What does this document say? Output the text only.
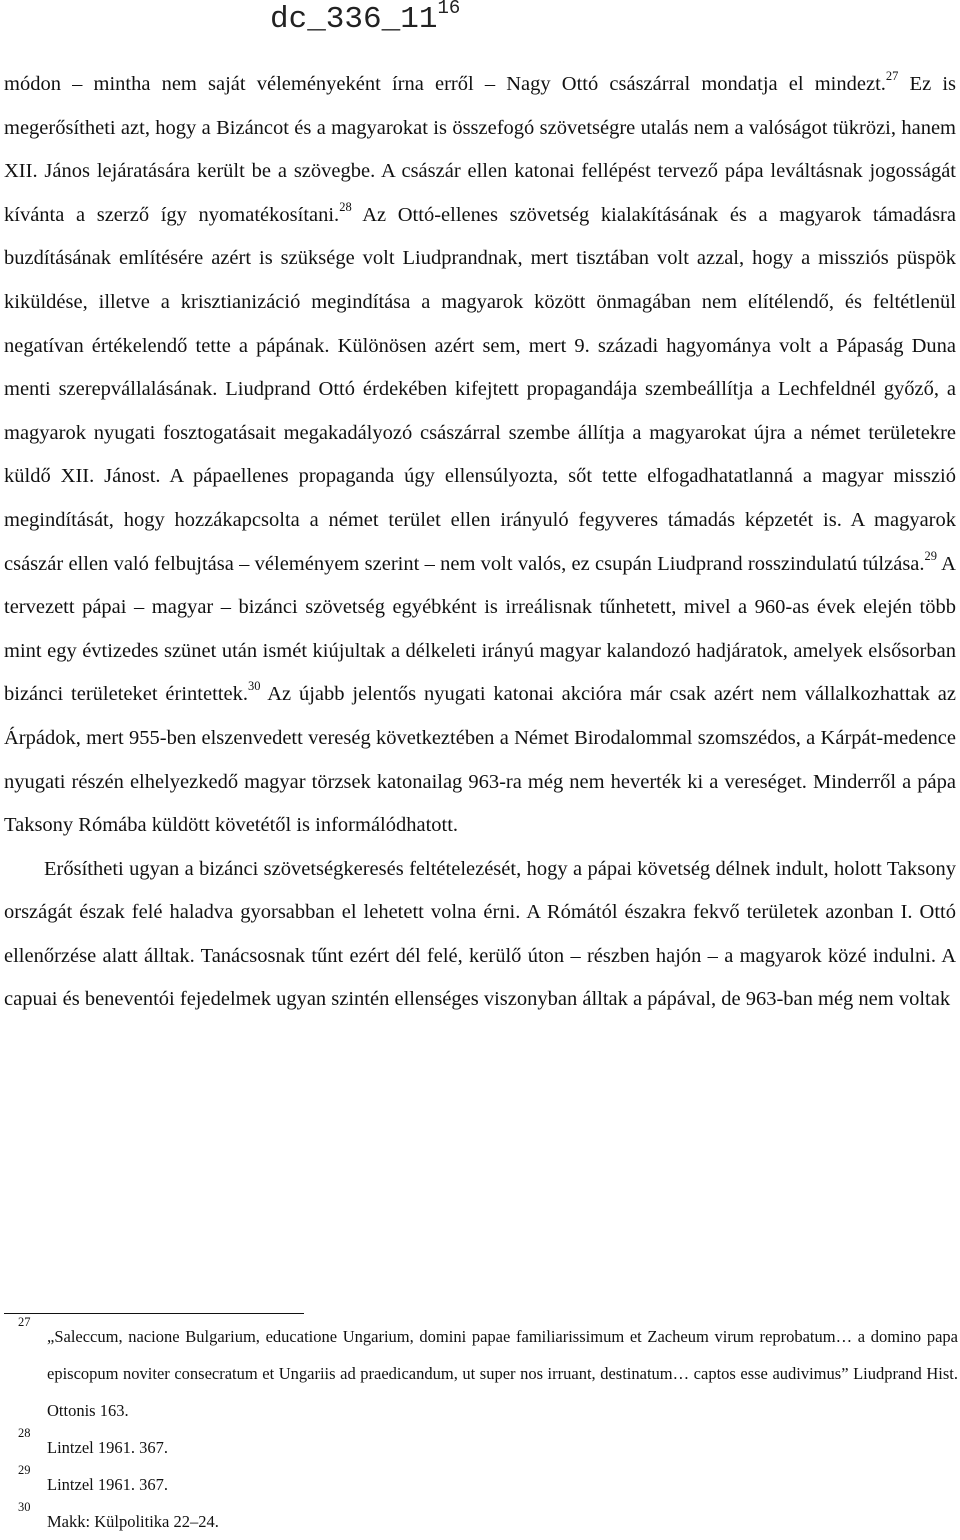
$dc\_336\_11^{16}$

módon – mintha nem saját véleményeként írna erről – Nagy Ottó császárral mondatja el mindezt.$^{27}$ Ez is megerősítheti azt, hogy a Bizáncot és a magyarokat is összefogó szövetségre utalás nem a valóságot tükrözi, hanem XII. János lejáratására került be a szövegbe. A császár ellen katonai fellépést tervező pápa leváltásnak jogosságát kívánta a szerző így nyomatékosítani.$^{28}$ Az Ottó-ellenes szövetség kialakításának és a magyarok támadásra buzdításának említésére azért is szüksége volt Liudprandnak, mert tisztában volt azzal, hogy a missziós püspök kiküldése, illetve a krisztianizáció megindítása a magyarok között önmagában nem elítélendő, és feltétlenül negatívan értékelendő tette a pápának. Különösen azért sem, mert 9. századi hagyománya volt a Pápaság Duna menti szerepvállalásának. Liudprand Ottó érdekében kifejtett propagandája szembeállítja a Lechfeldnél győző, a magyarok nyugati fosztogatásait megakadályozó császárral szembe állítja a magyarokat újra a német területekre küldő XII. Jánost. A pápaellenes propaganda úgy ellensúlyozta, sőt tette elfogadhatatlanná a magyar misszió megindítását, hogy hozzákapcsolta a német terület ellen irányuló fegyveres támadás képzetét is. A magyarok császár ellen való felbujtása – véleményem szerint – nem volt valós, ez csupán Liudprand rosszindulatú túlzása.$^{29}$ A tervezett pápai – magyar – bizánci szövetség egyébként is irreálisnak tűnhetett, mivel a 960-as évek elején több mint egy évtizedes szünet után ismét kiújultak a délkeleti irányú magyar kalandozó hadjáratok, amelyek elsősorban bizánci területeket érintettek.$^{30}$ Az újabb jelentős nyugati katonai akcióra már csak azért nem vállalkozhattak az Árpádok, mert 955-ben elszenvedett vereség következtében a Német Birodalommal szomszédos, a Kárpát-medence nyugati részén elhelyezkedő magyar törzsek katonailag 963-ra még nem heverték ki a vereséget. Minderről a pápa Taksony Rómába küldött követétől is informálódhatott.

Erősítheti ugyan a bizánci szövetségkeresés feltételezését, hogy a pápai követség délnek indult, holott Taksony országát észak felé haladva gyorsabban el lehetett volna érni. A Rómától északra fekvő területek azonban I. Ottó ellenőrzése alatt álltak. Tanácsosnak tűnt ezért dél felé, kerülő úton – részben hajón – a magyarok közé indulni. A capuai és beneventói fejedelmek ugyan szintén ellenséges viszonyban álltak a pápával, de 963-ban még nem voltak

27
„Saleccum, nacione Bulgarium, educatione Ungarium, domini papae familiarissimum et Zacheum virum reprobatum… a domino papa episcopum noviter consecratum et Ungariis ad praedicandum, ut super nos irruant, destinatum… captos esse audivimus” Liudprand Hist. Ottonis 163.
28
Lintzel 1961. 367.
29
Lintzel 1961. 367.
30
Makk: Külpolitika 22–24.
